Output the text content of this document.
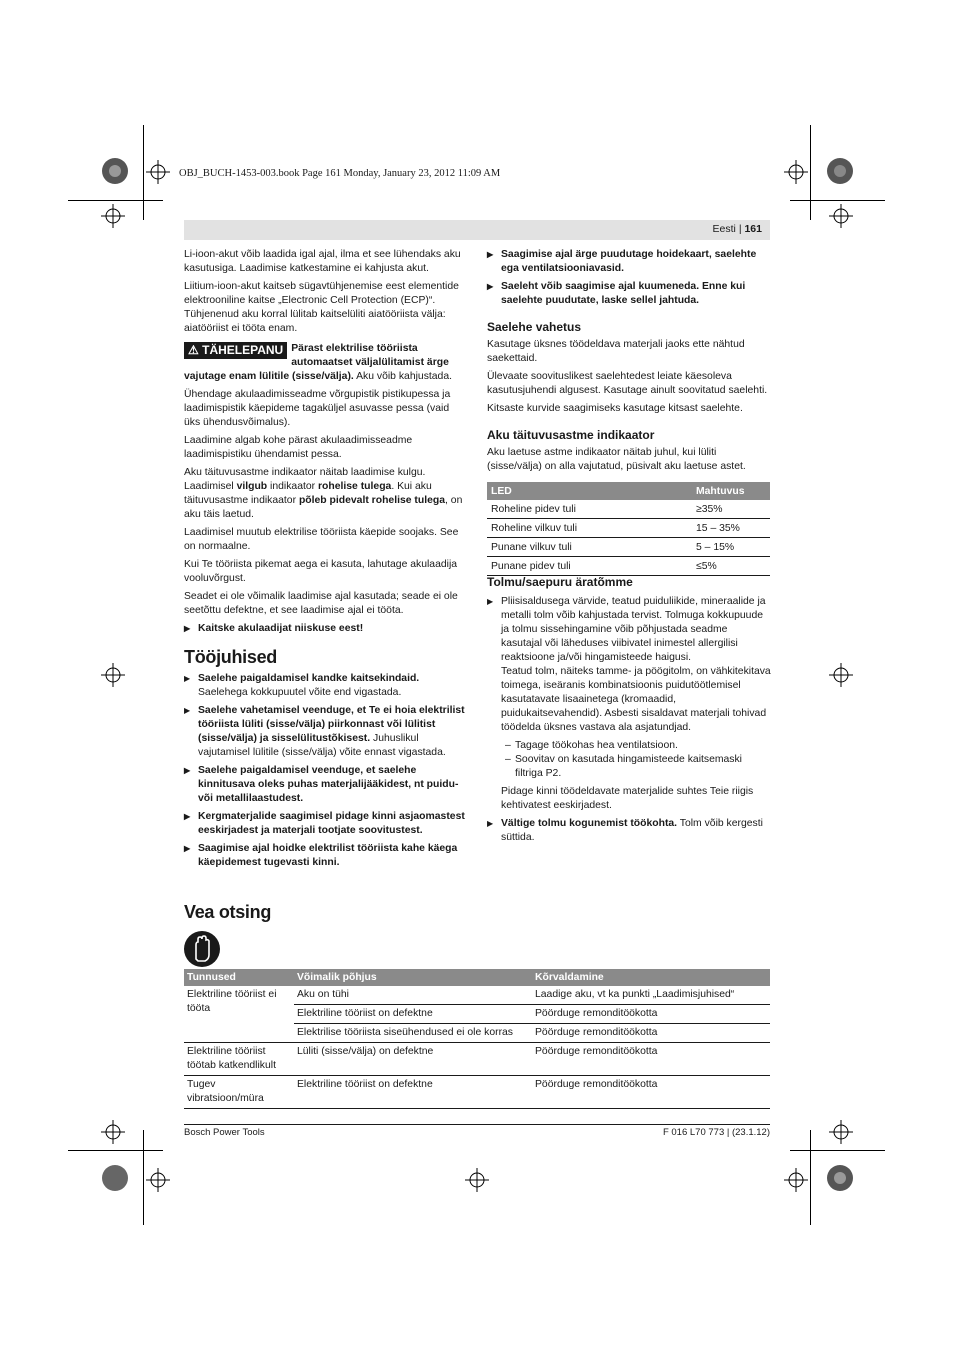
OBJ_BUCH-1453-003.book Page 161 Monday, January 23, 2012 11:09 AM
Eesti | 161

Li-ioon-akut võib laadida igal ajal, ilma et see lühendaks aku kasutusiga. Laadimise katkestamine ei kahjusta akut.

Liitium-ioon-akut kaitseb sügavtühjenemise eest elementide elektrooniline kaitse „Electronic Cell Protection (ECP)“. Tühjenenud aku korral lülitab kaitselüliti aiatööriista välja: aiatööriist ei tööta enam.

⚠ TÄHELEPANU Pärast elektrilise tööriista automaatset väljalülitamist ärge vajutage enam lülitile (sisse/välja). Aku võib kahjustada.

Ühendage akulaadimisseadme võrgupistik pistikupessa ja laadimispistik käepideme tagaküljel asuvasse pessa (vaid üks ühendusvõimalus).

Laadimine algab kohe pärast akulaadimisseadme laadimispistiku ühendamist pessa.

Aku täituvusastme indikaator näitab laadimise kulgu. Laadimisel vilgub indikaator rohelise tulega. Kui aku täituvusastme indikaator põleb pidevalt rohelise tulega, on aku täis laetud.

Laadimisel muutub elektrilise tööriista käepide soojaks. See on normaalne.

Kui Te tööriista pikemat aega ei kasuta, lahutage akulaadija vooluvõrgust.

Seadet ei ole võimalik laadimise ajal kasutada; seade ei ole seetõttu defektne, et see laadimise ajal ei tööta.

▶ Kaitske akulaadijat niiskuse eest!

Tööjuhised

▶ Saelehe paigaldamisel kandke kaitsekindaid. Saelehega kokkupuutel võite end vigastada.

▶ Saelehe vahetamisel veenduge, et Te ei hoia elektrilist tööriista lüliti (sisse/välja) piirkonnast või lülitist (sisse/välja) ja sisselülitustõkisest. Juhuslikul vajutamisel lülitile (sisse/välja) võite ennast vigastada.

▶ Saelehe paigaldamisel veenduge, et saelehe kinnitusava oleks puhas materjalijääkidest, nt puidu- või metallilaastudest.

▶ Kergmaterjalide saagimisel pidage kinni asjaomastest eeskirjadest ja materjali tootjate soovitustest.

▶ Saagimise ajal hoidke elektrilist tööriista kahe käega käepidemest tugevasti kinni.

▶ Saagimise ajal ärge puudutage hoidekaart, saelehte ega ventilatsiooniavasid.

▶ Saeleht võib saagimise ajal kuumeneda. Enne kui saelehte puudutate, laske sellel jahtuda.

Saelehe vahetus

Kasutage üksnes töödeldava materjali jaoks ette nähtud saekettaid.

Ülevaate soovituslikest saelehtedest leiate käesoleva kasutusjuhendi algusest. Kasutage ainult soovitatud saelehti.

Kitsaste kurvide saagimiseks kasutage kitsast saelehte.

Aku täituvusastme indikaator

Aku laetuse astme indikaator näitab juhul, kui lüliti (sisse/välja) on alla vajutatud, püsivalt aku laetuse astet.

LED	Mahtuvus
Roheline pidev tuli	≥35%
Roheline vilkuv tuli	15 – 35%
Punane vilkuv tuli	5 – 15%
Punane pidev tuli	≤5%
Tolmu/saepuru äratõmme

▶ Pliisisaldusega värvide, teatud puiduliikide, mineraalide ja metalli tolm võib kahjustada tervist. Tolmuga kokkupuude ja tolmu sissehingamine võib põhjustada seadme kasutajal või läheduses viibivatel inimestel allergilisi reaktsioone ja/või hingamisteede haigusi.

Teatud tolm, näiteks tamme- ja pöögitolm, on vähkitekitava toimega, iseäranis kombinatsioonis puidutöötlemisel kasutatavate lisaainetega (kromaadid, puidukaitsevahendid). Asbesti sisaldavat materjali tohivad töödelda üksnes vastava ala asjatundjad.

– Tagage töökohas hea ventilatsioon.

– Soovitav on kasutada hingamisteede kaitsemaski filtriga P2.

Pidage kinni töödeldavate materjalide suhtes Teie riigis kehtivatest eeskirjadest.

▶ Vältige tolmu kogunemist töökohta. Tolm võib kergesti süttida.

Vea otsing
Tunnused	Võimalik põhjus	Kõrvaldamine
Elektriline tööriist ei tööta	Aku on tühi	Laadige aku, vt ka punkti „Laadimisjuhised“
	Elektriline tööriist on defektne	Pöörduge remonditöökotta
	Elektrilise tööriista siseühendused ei ole korras	Pöörduge remonditöökotta
Elektriline tööriist töötab katkendlikult	Lüliti (sisse/välja) on defektne	Pöörduge remonditöökotta
Tugev vibratsioon/müra	Elektriline tööriist on defektne	Pöörduge remonditöökotta
Bosch Power Tools	F 016 L70 773 | (23.1.12)
